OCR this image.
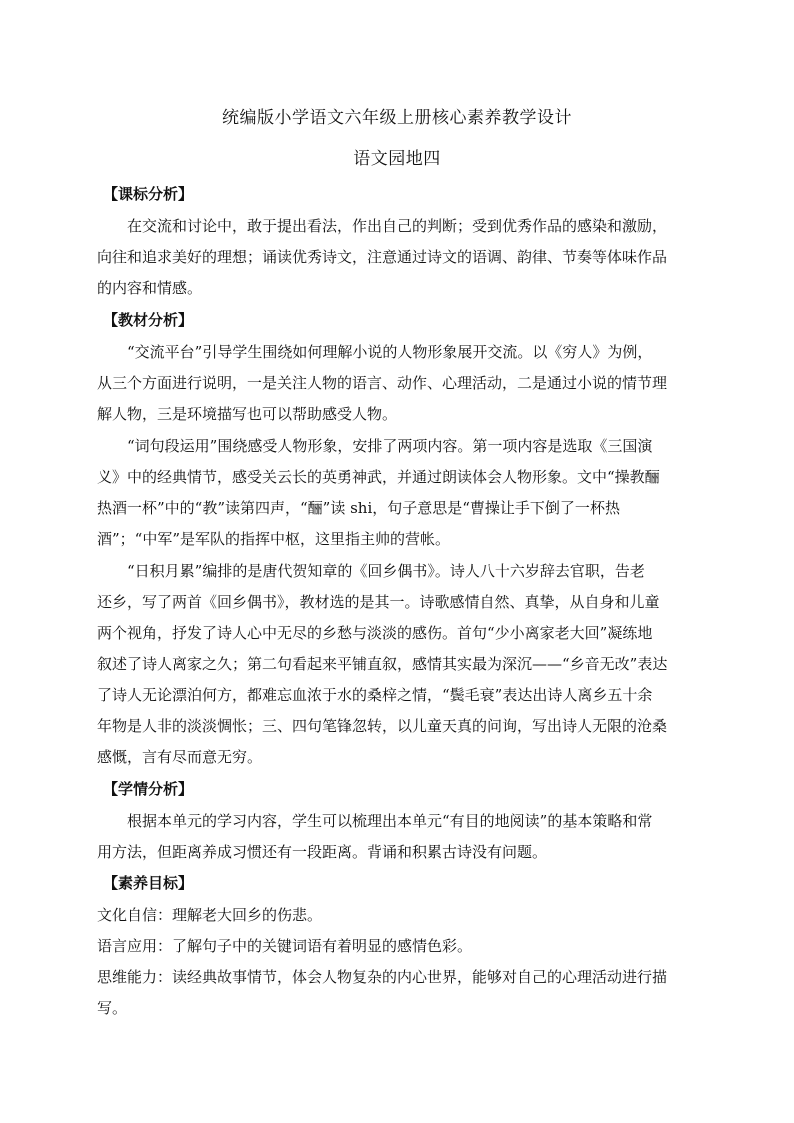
统编版小学语文六年级上册核心素养教学设计
语文园地四
【课标分析】
在交流和讨论中，敢于提出看法，作出自己的判断；受到优秀作品的感染和激励，
向往和追求美好的理想；诵读优秀诗文，注意通过诗文的语调、韵律、节奏等体味作品
的内容和情感。
【教材分析】
“交流平台”引导学生围绕如何理解小说的人物形象展开交流。以《穷人》为例，
从三个方面进行说明，一是关注人物的语言、动作、心理活动，二是通过小说的情节理
解人物，三是环境描写也可以帮助感受人物。
“词句段运用”围绕感受人物形象，安排了两项内容。第一项内容是选取《三国演
义》中的经典情节，感受关云长的英勇神武，并通过朗读体会人物形象。文中“操教酾
热酒一杯”中的“教”读第四声，“酾”读 shi，句子意思是“曹操让手下倒了一杯热
酒”；“中军”是军队的指挥中枢，这里指主帅的营帐。
“日积月累”编排的是唐代贺知章的《回乡偶书》。诗人八十六岁辞去官职，告老
还乡，写了两首《回乡偶书》，教材选的是其一。诗歌感情自然、真挚，从自身和儿童
两个视角，抒发了诗人心中无尽的乡愁与淡淡的感伤。首句“少小离家老大回”凝练地
叙述了诗人离家之久；第二句看起来平铺直叙，感情其实最为深沉——“乡音无改”表达
了诗人无论漂泊何方，都难忘血浓于水的桑梓之情，“鬓毛衰”表达出诗人离乡五十余
年物是人非的淡淡惆怅；三、四句笔锋忽转，以儿童天真的问询，写出诗人无限的沧桑
感慨，言有尽而意无穷。
【学情分析】
根据本单元的学习内容，学生可以梳理出本单元“有目的地阅读”的基本策略和常
用方法，但距离养成习惯还有一段距离。背诵和积累古诗没有问题。
【素养目标】
文化自信：理解老大回乡的伤悲。
语言应用：了解句子中的关键词语有着明显的感情色彩。
思维能力：读经典故事情节，体会人物复杂的内心世界，能够对自己的心理活动进行描
写。
